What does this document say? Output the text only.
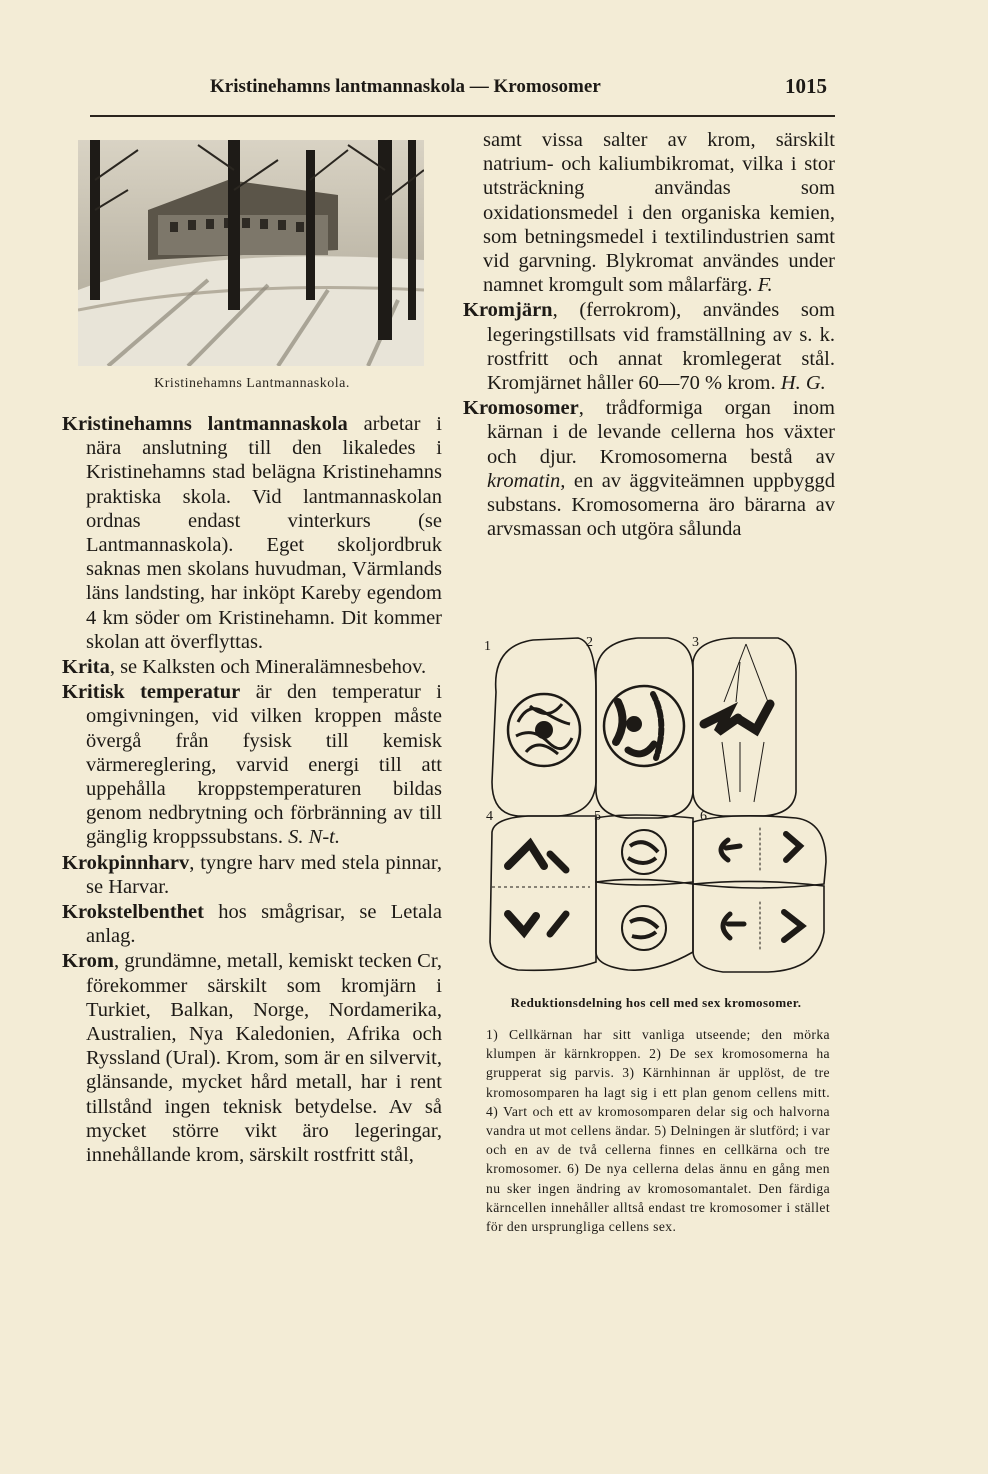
Kristinehamns lantmannaskola — Kromosomer	1015
Kristinehamns Lantmannaskola.

Kristinehamns lantmannaskola arbetar i nära anslutning till den likaledes i Kristinehamns stad belägna Kristinehamns praktiska skola. Vid lantmannaskolan ordnas endast vinterkurs (se Lantmannaskola). Eget skoljordbruk saknas men skolans huvudman, Värmlands läns landsting, har inköpt Kareby egendom 4 km söder om Kristinehamn. Dit kommer skolan att överflyttas.

Krita, se Kalksten och Mineralämnesbehov.

Kritisk temperatur är den temperatur i omgivningen, vid vilken kroppen måste övergå från fysisk till kemisk värmereglering, varvid energi till att uppehålla kroppstemperaturen bildas genom nedbrytning och förbränning av till gänglig kroppssubstans. S. N-t.

Krokpinnharv, tyngre harv med stela pinnar, se Harvar.

Krokstelbenthet hos smågrisar, se Letala anlag.

Krom, grundämne, metall, kemiskt tecken Cr, förekommer särskilt som kromjärn i Turkiet, Balkan, Norge, Nordamerika, Australien, Nya Kaledonien, Afrika och Ryssland (Ural). Krom, som är en silvervit, glänsande, mycket hård metall, har i rent tillstånd ingen teknisk betydelse. Av så mycket större vikt äro legeringar, innehållande krom, särskilt rostfritt stål,

samt vissa salter av krom, särskilt natrium- och kaliumbikromat, vilka i stor utsträckning användas som oxidationsmedel i den organiska kemien, som betningsmedel i textilindustrien samt vid garvning. Blykromat användes under namnet kromgult som målarfärg. F.

Kromjärn, (ferrokrom), användes som legeringstillsats vid framställning av s. k. rostfritt och annat kromlegerat stål. Kromjärnet håller 60—70 % krom. H. G.

Kromosomer, trådformiga organ inom kärnan i de levande cellerna hos växter och djur. Kromosomerna bestå av kromatin, en av äggviteämnen uppbyggd substans. Kromosomerna äro bärarna av arvsmassan och utgöra sålunda

1	2	3
4	5	6
Reduktionsdelning hos cell med sex kromosomer.
1) Cellkärnan har sitt vanliga utseende; den mörka klumpen är kärnkroppen. 2) De sex kromosomerna ha grupperat sig parvis. 3) Kärnhinnan är upplöst, de tre kromosomparen ha lagt sig i ett plan genom cellens mitt. 4) Vart och ett av kromosomparen delar sig och halvorna vandra ut mot cellens ändar. 5) Delningen är slutförd; i var och en av de två cellerna finnes en cellkärna och tre kromosomer. 6) De nya cellerna delas ännu en gång men nu sker ingen ändring av kromosomantalet. Den färdiga kärncellen innehåller alltså endast tre kromosomer i stället för den ursprungliga cellens sex.
